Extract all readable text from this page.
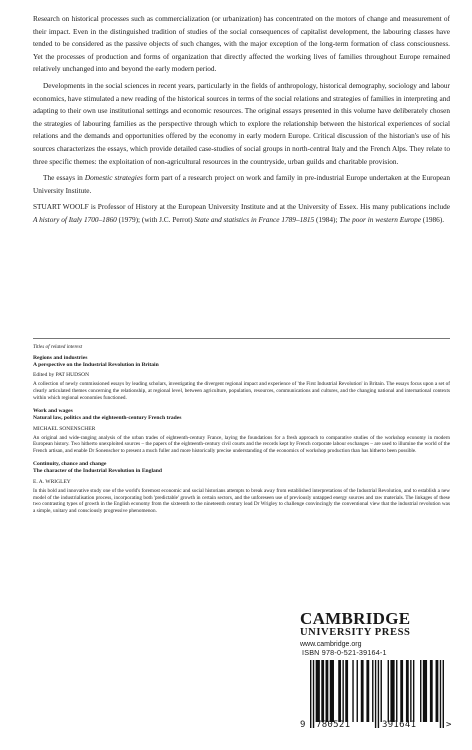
Research on historical processes such as commercialization (or urbanization) has concentrated on the motors of change and measurement of their impact. Even in the distinguished tradition of studies of the social consequences of capitalist development, the labouring classes have tended to be considered as the passive objects of such changes, with the major exception of the long-term formation of class consciousness. Yet the processes of production and forms of organization that directly affected the working lives of families throughout Europe remained relatively unchanged into and beyond the early modern period.

Developments in the social sciences in recent years, particularly in the fields of anthropology, historical demography, sociology and labour economics, have stimulated a new reading of the historical sources in terms of the social relations and strategies of families in interpreting and adapting to their own use institutional settings and economic resources. The original essays presented in this volume have deliberately chosen the strategies of labouring families as the perspective through which to explore the relationship between the historical experiences of social relations and the demands and opportunities offered by the economy in early modern Europe. Critical discussion of the historian's use of his sources characterizes the essays, which provide detailed case-studies of social groups in north-central Italy and the French Alps. They relate to three specific themes: the exploitation of non-agricultural resources in the countryside, urban guilds and charitable provision.

The essays in Domestic strategies form part of a research project on work and family in pre-industrial Europe undertaken at the European University Institute.

STUART WOOLF is Professor of History at the European University Institute and at the University of Essex. His many publications include A history of Italy 1700–1860 (1979); (with J.C. Perrot) State and statistics in France 1789–1815 (1984); The poor in western Europe (1986).

Titles of related interest

Regions and industries

A perspective on the Industrial Revolution in Britain

Edited by PAT HUDSON

A collection of newly commissioned essays by leading scholars, investigating the divergent regional impact and experience of 'the First Industrial Revolution' in Britain. The essays focus upon a set of clearly articulated themes concerning the relationship, at regional level, between agriculture, population, resources, communications and cultures, and the changing national and international contexts within which regional economies functioned.

Work and wages

Natural law, politics and the eighteenth-century French trades

MICHAEL SONENSCHER

An original and wide-ranging analysis of the urban trades of eighteenth-century France, laying the foundations for a fresh approach to comparative studies of the workshop economy in modern European history. Two hitherto unexploited sources – the papers of the eighteenth-century civil courts and the records kept by French corporate labour exchanges – are used to illumine the world of the French artisan, and enable Dr Sonenscher to present a much fuller and more historically precise understanding of the economics of workshop production than has hitherto been possible.

Continuity, chance and change

The character of the Industrial Revolution in England

E. A. WRIGLEY

In this bold and innovative study one of the world's foremost economic and social historians attempts to break away from established interpretations of the Industrial Revolution, and to establish a new model of the industrialisation process, incorporating both 'predictable' growth in certain sectors, and the unforeseen use of previously untapped energy sources and raw materials. The linkages of these two contrasting types of growth in the English economy from the sixteenth to the nineteenth century lead Dr Wrigley to challenge convincingly the conventional view that the industrial revolution was a simple, unitary and consciously progressive phenomenon.

CAMBRIDGE

UNIVERSITY PRESS

www.cambridge.org
ISBN 978-0-521-39164-1
9 780521	391641	>
